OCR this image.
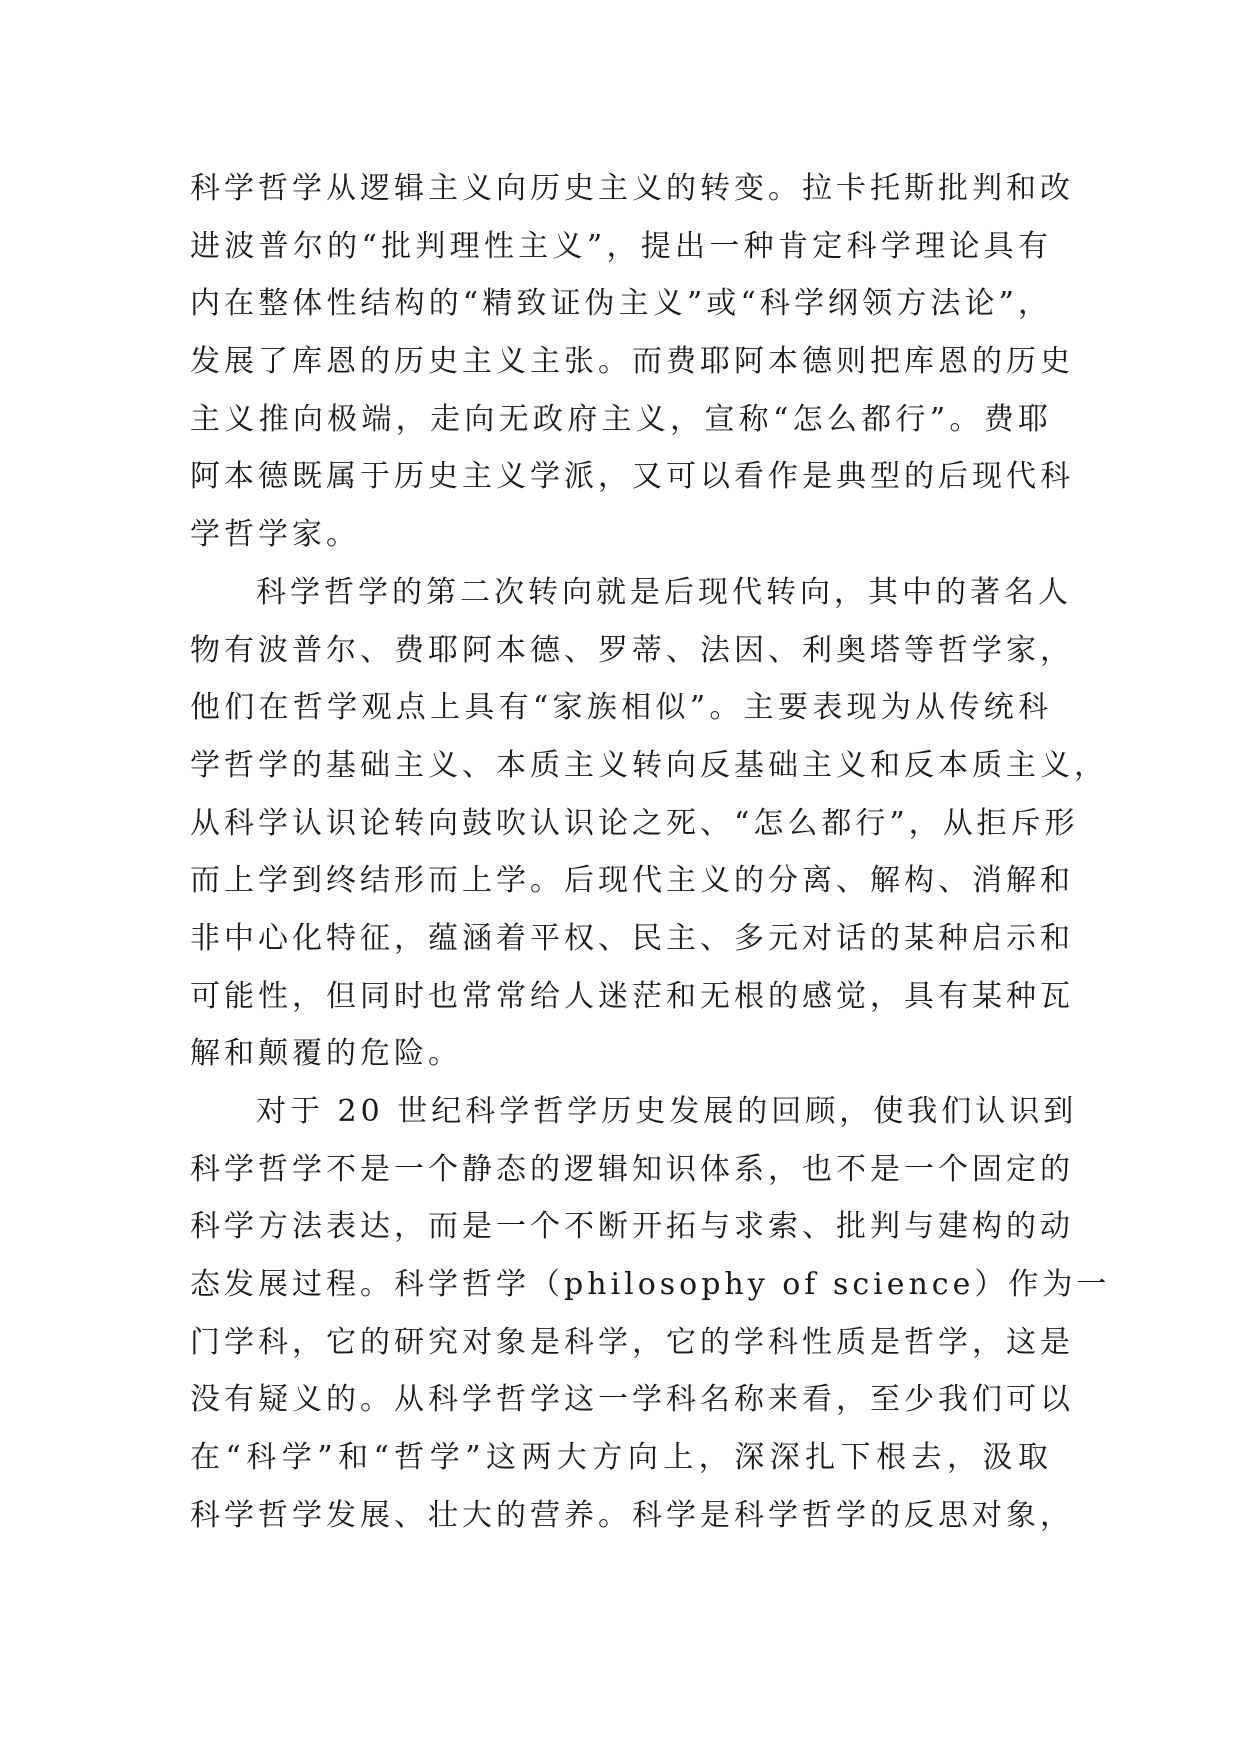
科学哲学从逻辑主义向历史主义的转变。拉卡托斯批判和改
进波普尔的“批判理性主义”，提出一种肯定科学理论具有
内在整体性结构的“精致证伪主义”或“科学纲领方法论”，
发展了库恩的历史主义主张。而费耶阿本德则把库恩的历史
主义推向极端，走向无政府主义，宣称“怎么都行”。费耶
阿本德既属于历史主义学派，又可以看作是典型的后现代科
学哲学家。
科学哲学的第二次转向就是后现代转向，其中的著名人
物有波普尔、费耶阿本德、罗蒂、法因、利奥塔等哲学家，
他们在哲学观点上具有“家族相似”。主要表现为从传统科
学哲学的基础主义、本质主义转向反基础主义和反本质主义，
从科学认识论转向鼓吹认识论之死、“怎么都行”，从拒斥形
而上学到终结形而上学。后现代主义的分离、解构、消解和
非中心化特征，蕴涵着平权、民主、多元对话的某种启示和
可能性，但同时也常常给人迷茫和无根的感觉，具有某种瓦
解和颠覆的危险。
对于 20 世纪科学哲学历史发展的回顾，使我们认识到
科学哲学不是一个静态的逻辑知识体系，也不是一个固定的
科学方法表达，而是一个不断开拓与求索、批判与建构的动
态发展过程。科学哲学（philosophy of science）作为一
门学科，它的研究对象是科学，它的学科性质是哲学，这是
没有疑义的。从科学哲学这一学科名称来看，至少我们可以
在“科学”和“哲学”这两大方向上，深深扎下根去，汲取
科学哲学发展、壮大的营养。科学是科学哲学的反思对象，
